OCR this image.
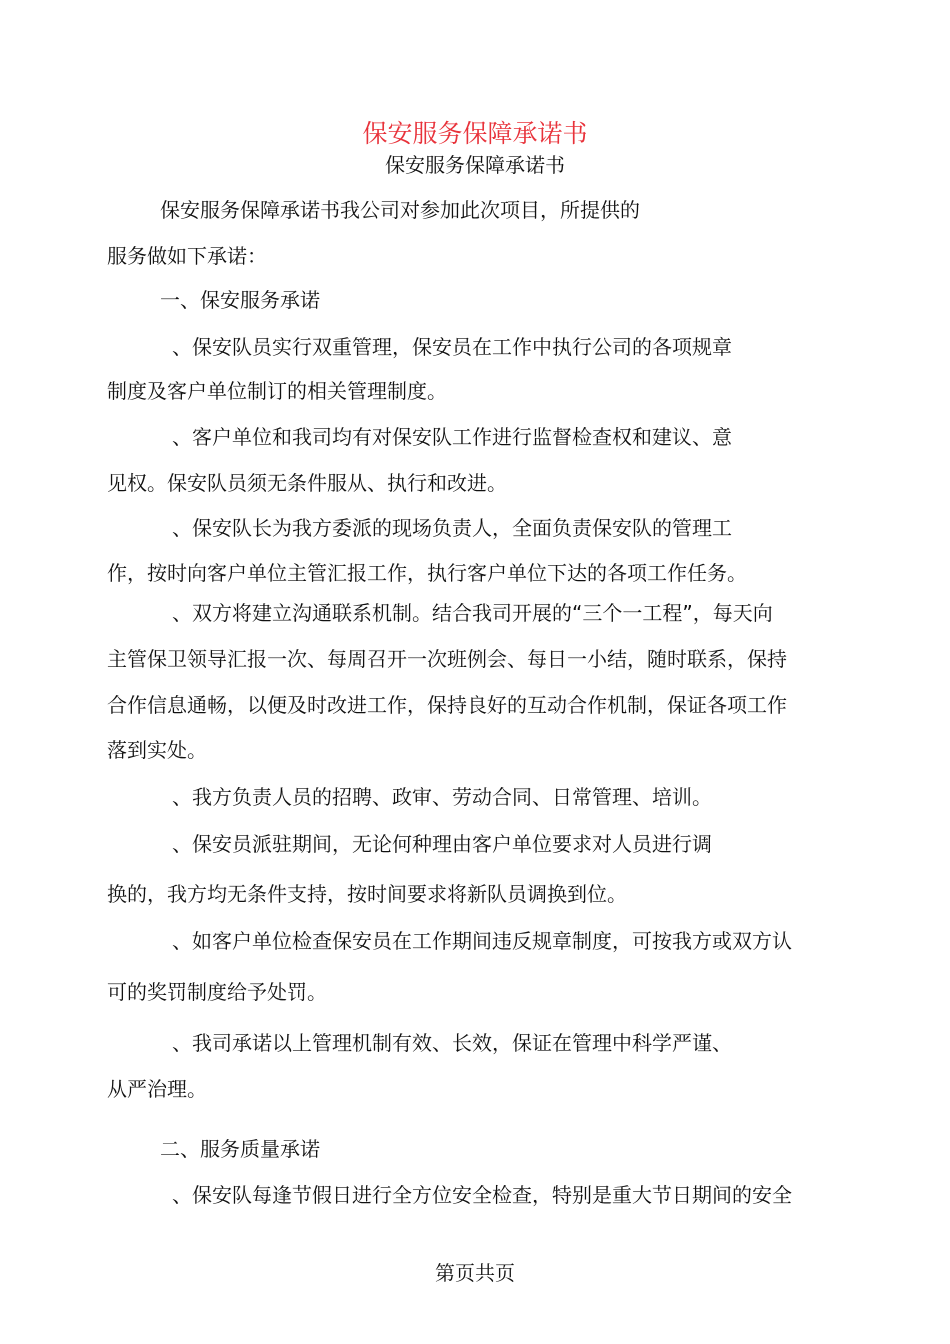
保安服务保障承诺书
保安服务保障承诺书
保安服务保障承诺书我公司对参加此次项目，所提供的
服务做如下承诺：
一、保安服务承诺
、保安队员实行双重管理，保安员在工作中执行公司的各项规章
制度及客户单位制订的相关管理制度。
、客户单位和我司均有对保安队工作进行监督检查权和建议、意
见权。保安队员须无条件服从、执行和改进。
、保安队长为我方委派的现场负责人，全面负责保安队的管理工
作，按时向客户单位主管汇报工作，执行客户单位下达的各项工作任务。
、双方将建立沟通联系机制。结合我司开展的“三个一工程”，每天向
主管保卫领导汇报一次、每周召开一次班例会、每日一小结，随时联系，保持
合作信息通畅，以便及时改进工作，保持良好的互动合作机制，保证各项工作
落到实处。
、我方负责人员的招聘、政审、劳动合同、日常管理、培训。
、保安员派驻期间，无论何种理由客户单位要求对人员进行调
换的，我方均无条件支持，按时间要求将新队员调换到位。
、如客户单位检查保安员在工作期间违反规章制度，可按我方或双方认
可的奖罚制度给予处罚。
、我司承诺以上管理机制有效、长效，保证在管理中科学严谨、
从严治理。
二、服务质量承诺
、保安队每逢节假日进行全方位安全检查，特别是重大节日期间的安全
第页共页
